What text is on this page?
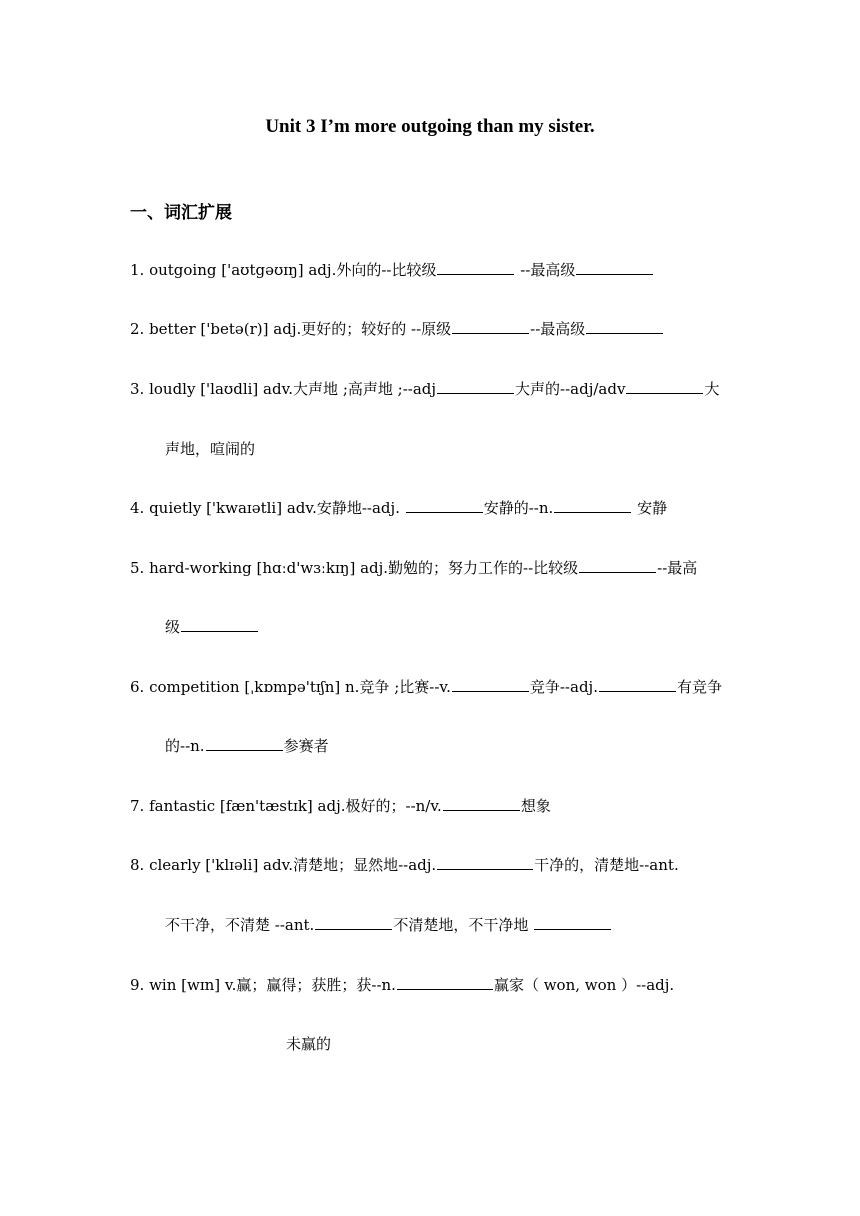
Unit 3 I’m more outgoing than my sister.
一、词汇扩展
1. outgoing ['aʊtgəʊɪŋ] adj.外向的--比较级	--最高级
2. better ['betə(r)] adj.更好的；较好的 --原级	--最高级
3. loudly ['laʊdli] adv.大声地 ;高声地 ;--adj	大声的--adj/adv	大
声地，喧闹的
4. quietly ['kwaɪətli] adv.安静地--adj.	安静的--n.	安静
5. hard-working [hɑːd'wɜːkɪŋ] adj.勤勉的；努力工作的--比较级	--最高
级
6. competition [ˌkɒmpə'tɪʃn] n.竞争 ;比赛--v.	竞争--adj.	有竞争
的--n.	参赛者
7. fantastic [fæn'tæstɪk] adj.极好的；--n/v.	想象
8. clearly ['klɪəli] adv.清楚地；显然地--adj.	干净的，清楚地--ant.
不干净，不清楚 --ant.	不清楚地，不干净地
9. win [wɪn] v.赢；赢得；获胜；获--n.	赢家（ won, won ）--adj.
未赢的
